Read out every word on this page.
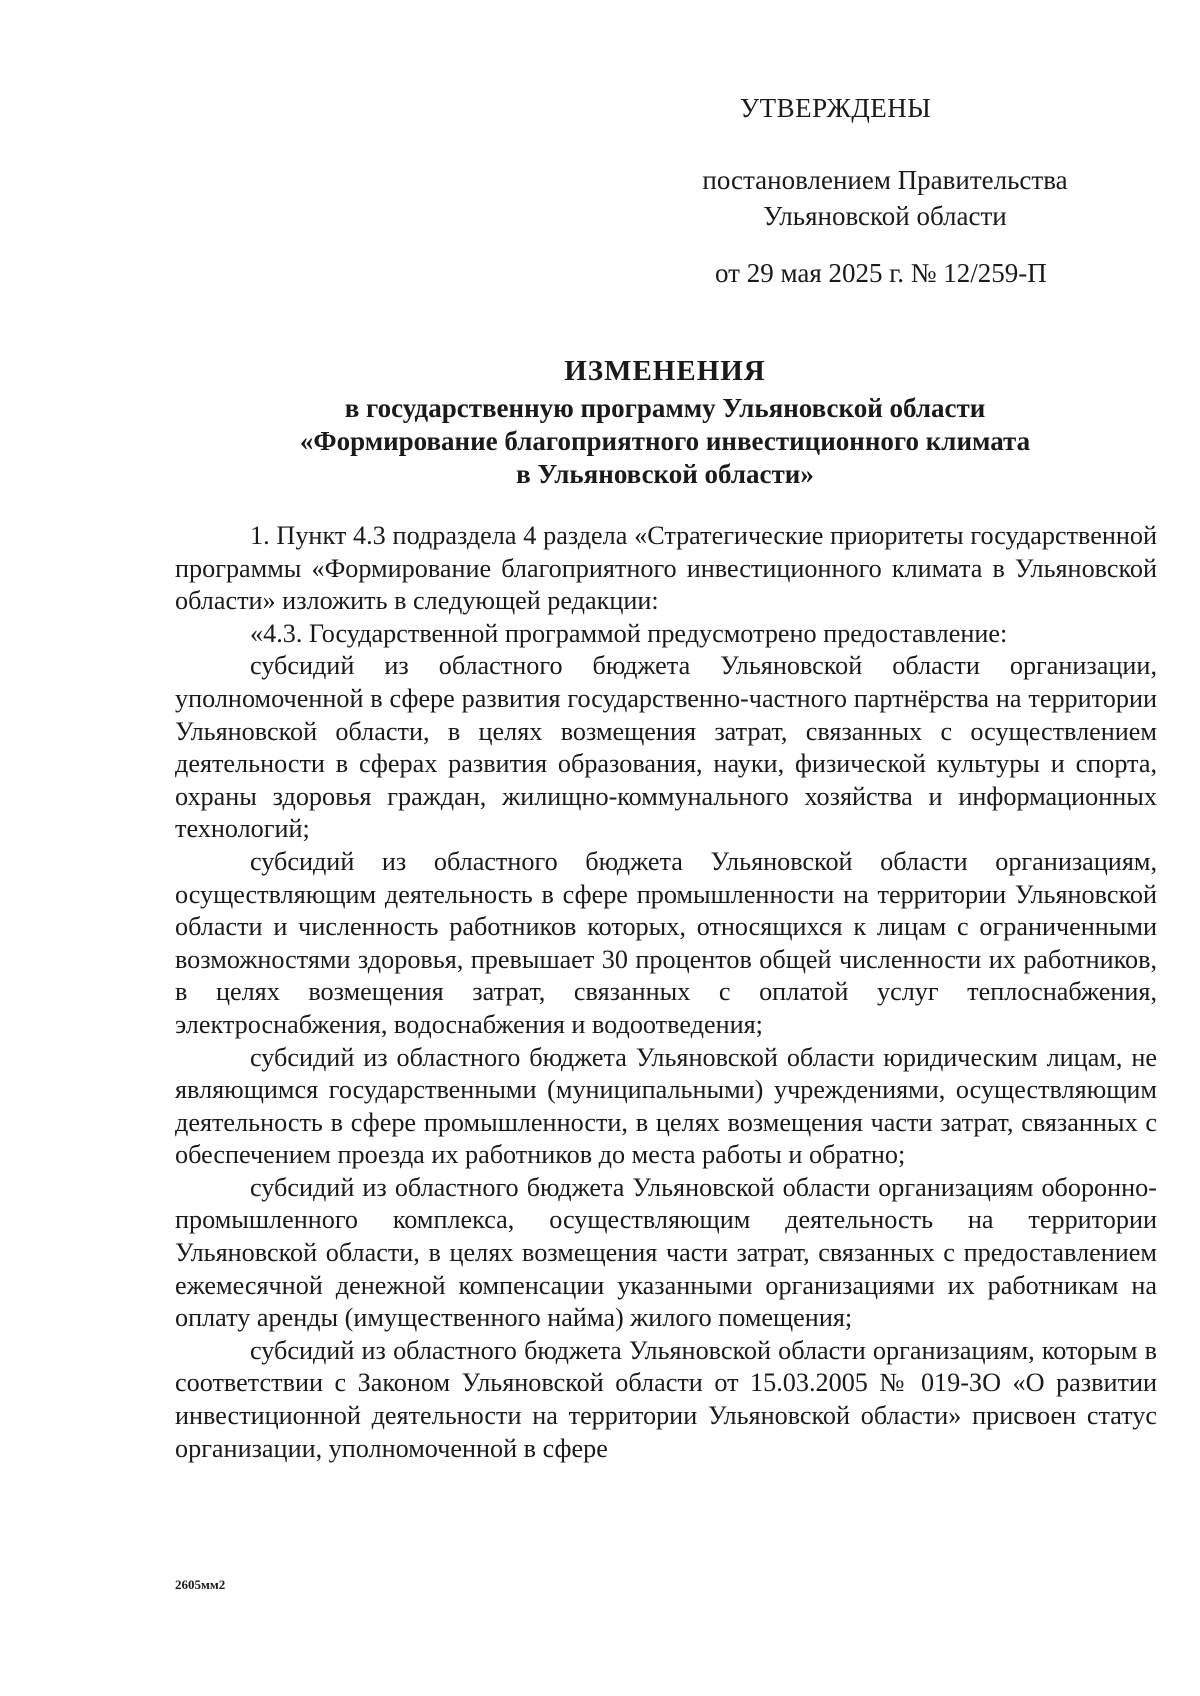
УТВЕРЖДЕНЫ
постановлением Правительства
Ульяновской области
от 29 мая 2025 г. № 12/259-П
ИЗМЕНЕНИЯ
в государственную программу Ульяновской области
«Формирование благоприятного инвестиционного климата
в Ульяновской области»

1. Пункт 4.3 подраздела 4 раздела «Стратегические приоритеты государственной программы «Формирование благоприятного инвестиционного климата в Ульяновской области» изложить в следующей редакции:

«4.3. Государственной программой предусмотрено предоставление:

субсидий из областного бюджета Ульяновской области организации, уполномоченной в сфере развития государственно-частного партнёрства на территории Ульяновской области, в целях возмещения затрат, связанных с осуществлением деятельности в сферах развития образования, науки, физической культуры и спорта, охраны здоровья граждан, жилищно-коммунального хозяйства и информационных технологий;

субсидий из областного бюджета Ульяновской области организациям, осуществляющим деятельность в сфере промышленности на территории Ульяновской области и численность работников которых, относящихся к лицам с ограниченными возможностями здоровья, превышает 30 процентов общей численности их работников, в целях возмещения затрат, связанных с оплатой услуг теплоснабжения, электроснабжения, водоснабжения и водоотведения;

субсидий из областного бюджета Ульяновской области юридическим лицам, не являющимся государственными (муниципальными) учреждениями, осуществляющим деятельность в сфере промышленности, в целях возмещения части затрат, связанных с обеспечением проезда их работников до места работы и обратно;

субсидий из областного бюджета Ульяновской области организациям оборонно-промышленного комплекса, осуществляющим деятельность на территории Ульяновской области, в целях возмещения части затрат, связанных с предоставлением ежемесячной денежной компенсации указанными организациями их работникам на оплату аренды (имущественного найма) жилого помещения;

субсидий из областного бюджета Ульяновской области организациям, которым в соответствии с Законом Ульяновской области от 15.03.2005 № 019-ЗО «О развитии инвестиционной деятельности на территории Ульяновской области» присвоен статус организации, уполномоченной в сфере

2605мм2
